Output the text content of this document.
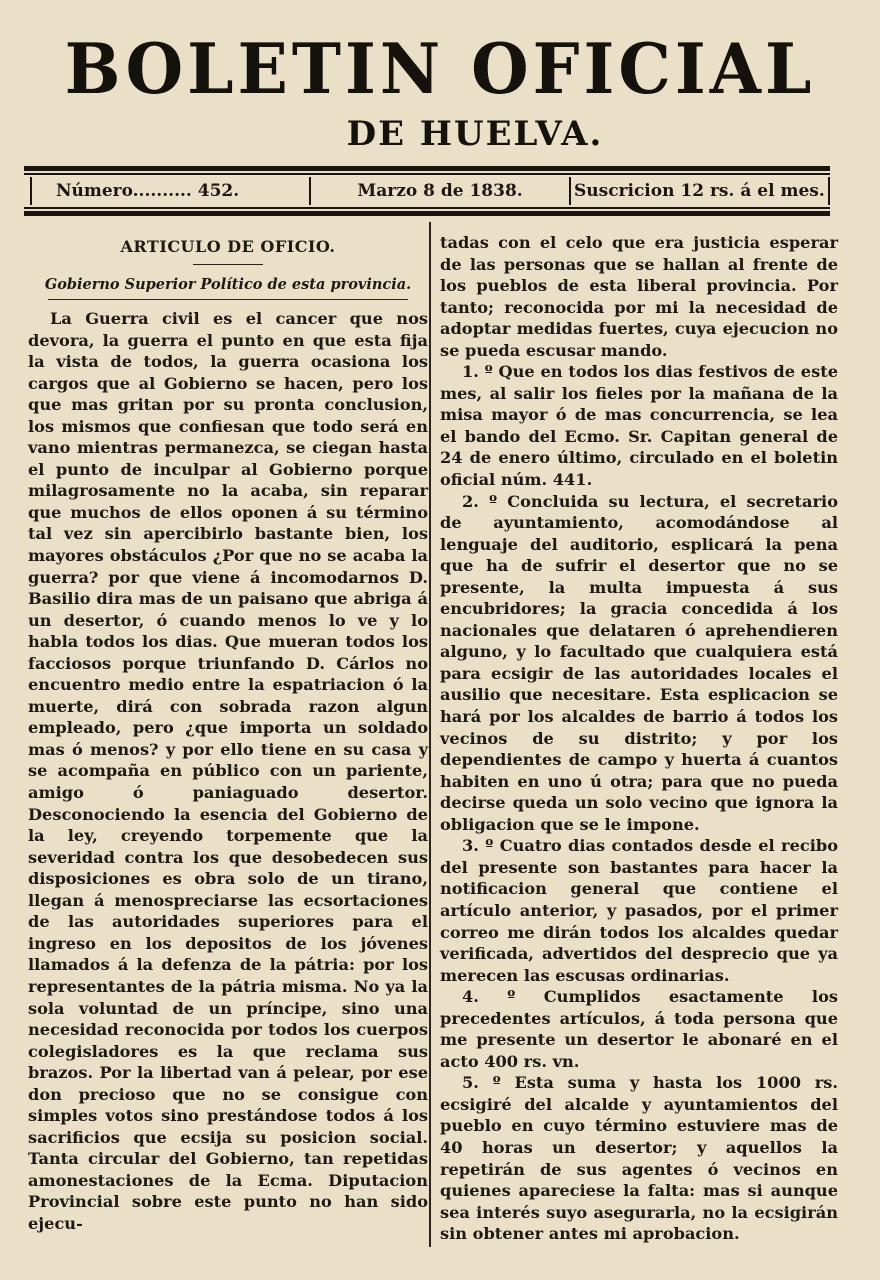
BOLETIN OFICIAL
DE HUELVA.
Número.......... 452.	Marzo 8 de 1838.	Suscricion 12 rs. á el mes.
ARTICULO DE OFICIO.
Gobierno Superior Político de esta provincia.

La Guerra civil es el cancer que nos devora, la guerra el punto en que esta fija la vista de todos, la guerra ocasiona los cargos que al Gobierno se hacen, pero los que mas gritan por su pronta conclusion, los mismos que confiesan que todo será en vano mientras permanezca, se ciegan hasta el punto de inculpar al Gobierno porque milagrosamente no la acaba, sin reparar que muchos de ellos oponen á su término tal vez sin apercibirlo bastante bien, los mayores obstáculos ¿Por que no se acaba la guerra? por que viene á incomodarnos D. Basilio dira mas de un paisano que abriga á un desertor, ó cuando menos lo ve y lo habla todos los dias. Que mueran todos los facciosos porque triunfando D. Cárlos no encuentro medio entre la espatriacion ó la muerte, dirá con sobrada razon algun empleado, pero ¿que importa un soldado mas ó menos? y por ello tiene en su casa y se acompaña en público con un pariente, amigo ó paniaguado desertor. Desconociendo la esencia del Gobierno de la ley, creyendo torpemente que la severidad contra los que desobedecen sus disposiciones es obra solo de un tirano, llegan á menospreciarse las ecsortaciones de las autoridades superiores para el ingreso en los depositos de los jóvenes llamados á la defenza de la pátria: por los representantes de la pátria misma. No ya la sola voluntad de un príncipe, sino una necesidad reconocida por todos los cuerpos colegisladores es la que reclama sus brazos. Por la libertad van á pelear, por ese don precioso que no se consigue con simples votos sino prestándose todos á los sacrificios que ecsija su posicion social. Tanta circular del Gobierno, tan repetidas amonestaciones de la Ecma. Diputacion Provincial sobre este punto no han sido ejecu-

tadas con el celo que era justicia esperar de las personas que se hallan al frente de los pueblos de esta liberal provincia. Por tanto; reconocida por mi la necesidad de adoptar medidas fuertes, cuya ejecucion no se pueda escusar mando.

1. º Que en todos los dias festivos de este mes, al salir los fieles por la mañana de la misa mayor ó de mas concurrencia, se lea el bando del Ecmo. Sr. Capitan general de 24 de enero último, circulado en el boletin oficial núm. 441.

2. º Concluida su lectura, el secretario de ayuntamiento, acomodándose al lenguaje del auditorio, esplicará la pena que ha de sufrir el desertor que no se presente, la multa impuesta á sus encubridores; la gracia concedida á los nacionales que delataren ó aprehendieren alguno, y lo facultado que cualquiera está para ecsigir de las autoridades locales el ausilio que necesitare. Esta esplicacion se hará por los alcaldes de barrio á todos los vecinos de su distrito; y por los dependientes de campo y huerta á cuantos habiten en uno ú otra; para que no pueda decirse queda un solo vecino que ignora la obligacion que se le impone.

3. º Cuatro dias contados desde el recibo del presente son bastantes para hacer la notificacion general que contiene el artículo anterior, y pasados, por el primer correo me dirán todos los alcaldes quedar verificada, advertidos del desprecio que ya merecen las escusas ordinarias.

4. º Cumplidos esactamente los precedentes artículos, á toda persona que me presente un desertor le abonaré en el acto 400 rs. vn.

5. º Esta suma y hasta los 1000 rs. ecsigiré del alcalde y ayuntamientos del pueblo en cuyo término estuviere mas de 40 horas un desertor; y aquellos la repetirán de sus agentes ó vecinos en quienes apareciese la falta: mas si aunque sea interés suyo asegurarla, no la ecsigirán sin obtener antes mi aprobacion.
